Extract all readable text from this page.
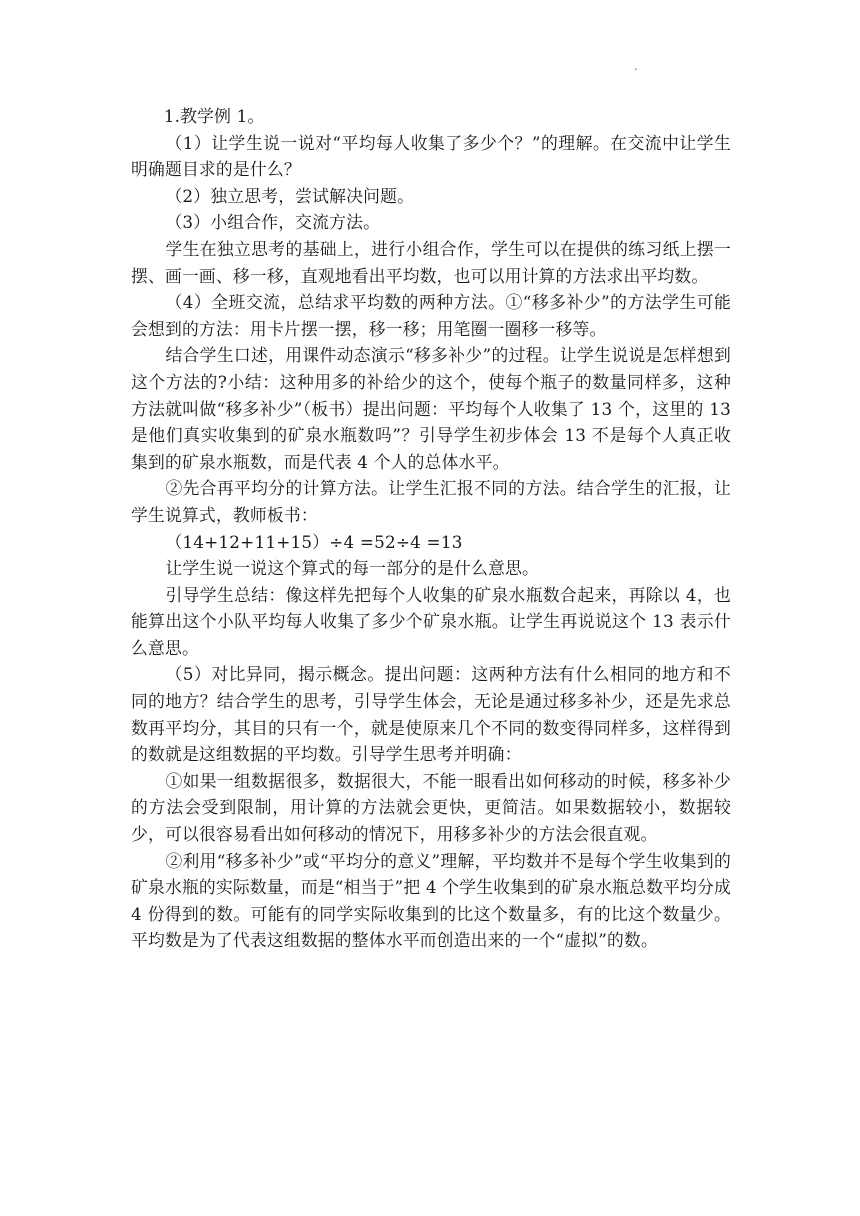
.

1.教学例 1。

（1）让学生说一说对“平均每人收集了多少个？”的理解。在交流中让学生明确题目求的是什么？

（2）独立思考，尝试解决问题。

（3）小组合作，交流方法。

学生在独立思考的基础上，进行小组合作，学生可以在提供的练习纸上摆一摆、画一画、移一移，直观地看出平均数，也可以用计算的方法求出平均数。

（4）全班交流，总结求平均数的两种方法。①“移多补少”的方法学生可能会想到的方法：用卡片摆一摆，移一移；用笔圈一圈移一移等。

结合学生口述，用课件动态演示“移多补少”的过程。让学生说说是怎样想到这个方法的?小结：这种用多的补给少的这个，使每个瓶子的数量同样多，这种方法就叫做“移多补少”（板书）提出问题：平均每个人收集了 13 个，这里的 13 是他们真实收集到的矿泉水瓶数吗”？引导学生初步体会 13 不是每个人真正收集到的矿泉水瓶数，而是代表 4 个人的总体水平。

②先合再平均分的计算方法。让学生汇报不同的方法。结合学生的汇报，让学生说算式，教师板书：

（14+12+11+15）÷4 =52÷4 =13

让学生说一说这个算式的每一部分的是什么意思。

引导学生总结：像这样先把每个人收集的矿泉水瓶数合起来，再除以 4，也能算出这个小队平均每人收集了多少个矿泉水瓶。让学生再说说这个 13 表示什么意思。

（5）对比异同，揭示概念。提出问题：这两种方法有什么相同的地方和不同的地方？结合学生的思考，引导学生体会，无论是通过移多补少，还是先求总数再平均分，其目的只有一个，就是使原来几个不同的数变得同样多，这样得到的数就是这组数据的平均数。引导学生思考并明确：

①如果一组数据很多，数据很大，不能一眼看出如何移动的时候，移多补少的方法会受到限制，用计算的方法就会更快，更简洁。如果数据较小，数据较少，可以很容易看出如何移动的情况下，用移多补少的方法会很直观。

②利用“移多补少”或“平均分的意义”理解，平均数并不是每个学生收集到的矿泉水瓶的实际数量，而是“相当于”把 4 个学生收集到的矿泉水瓶总数平均分成 4 份得到的数。可能有的同学实际收集到的比这个数量多，有的比这个数量少。平均数是为了代表这组数据的整体水平而创造出来的一个“虚拟”的数。
